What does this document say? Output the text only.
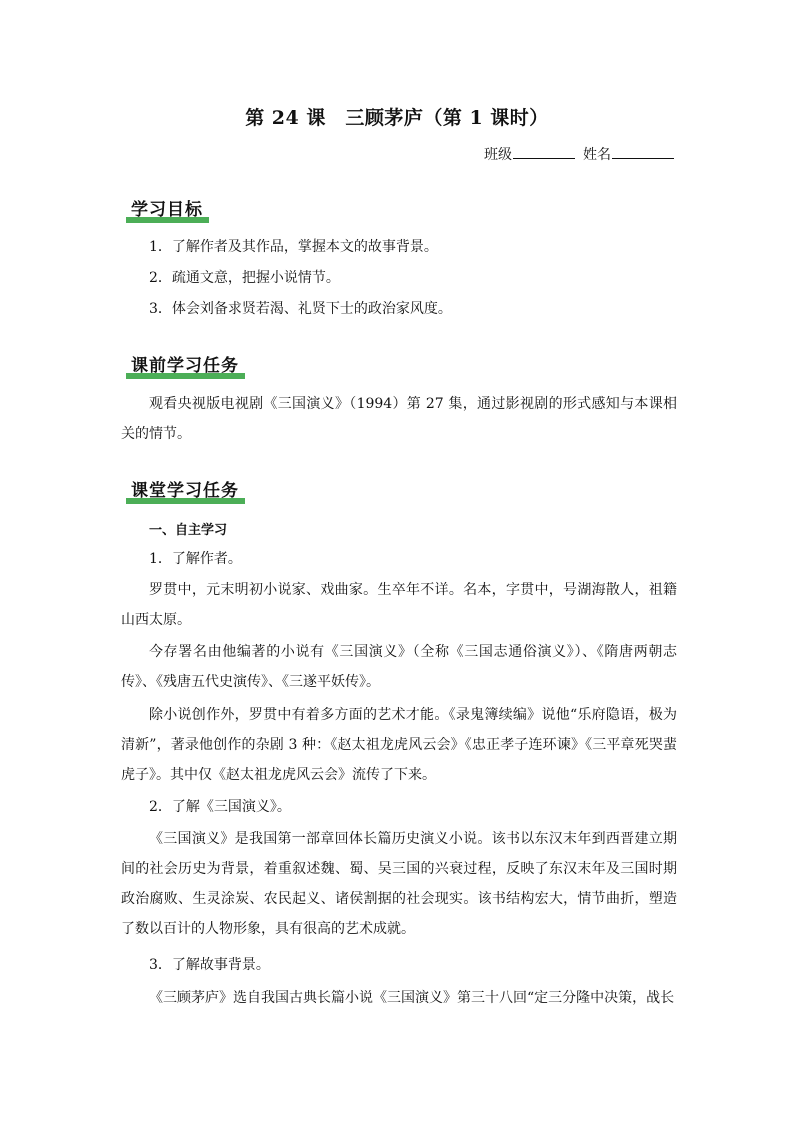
第 24 课　三顾茅庐（第 1 课时）
班级	姓名
学习目标
1．了解作者及其作品，掌握本文的故事背景。
2．疏通文意，把握小说情节。
3．体会刘备求贤若渴、礼贤下士的政治家风度。
课前学习任务

观看央视版电视剧《三国演义》（1994）第 27 集，通过影视剧的形式感知与本课相关的情节。

课堂学习任务
一、自主学习
1．了解作者。

罗贯中，元末明初小说家、戏曲家。生卒年不详。名本，字贯中，号湖海散人，祖籍山西太原。

今存署名由他编著的小说有《三国演义》（全称《三国志通俗演义》）、《隋唐两朝志传》、《残唐五代史演传》、《三遂平妖传》。

除小说创作外，罗贯中有着多方面的艺术才能。《录鬼簿续编》说他“乐府隐语，极为清新”，著录他创作的杂剧 3 种：《赵太祖龙虎风云会》《忠正孝子连环谏》《三平章死哭蜚虎子》。其中仅《赵太祖龙虎风云会》流传了下来。

2．了解《三国演义》。

《三国演义》是我国第一部章回体长篇历史演义小说。该书以东汉末年到西晋建立期间的社会历史为背景，着重叙述魏、蜀、吴三国的兴衰过程，反映了东汉末年及三国时期政治腐败、生灵涂炭、农民起义、诸侯割据的社会现实。该书结构宏大，情节曲折，塑造了数以百计的人物形象，具有很高的艺术成就。

3．了解故事背景。

《三顾茅庐》选自我国古典长篇小说《三国演义》第三十八回“定三分隆中决策，战长
